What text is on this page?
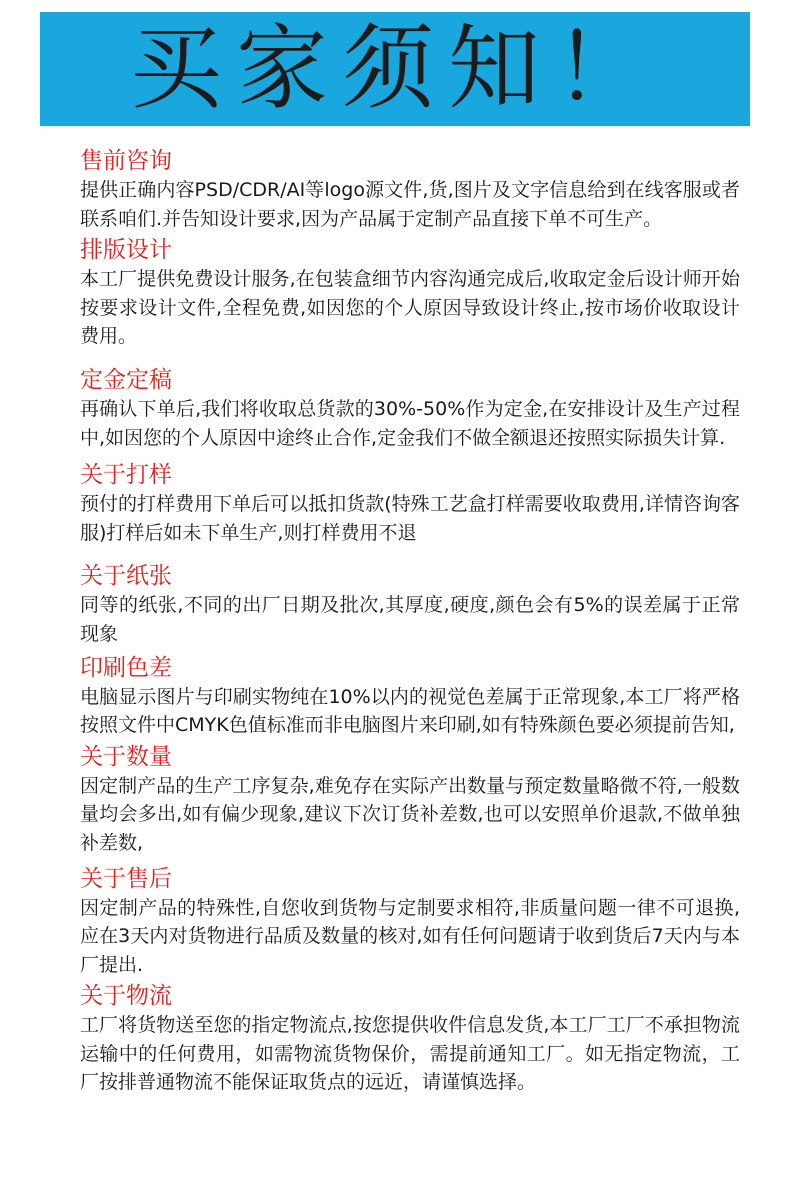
买家须知！
售前咨询
提供正确内容PSD/CDR/AI等logo源文件,货,图片及文字信息给到在线客服或者联系咱们.并告知设计要求,因为产品属于定制产品直接下单不可生产。
排版设计
本工厂提供免费设计服务,在包装盒细节内容沟通完成后,收取定金后设计师开始按要求设计文件,全程免费,如因您的个人原因导致设计终止,按市场价收取设计费用。
定金定稿
再确认下单后,我们将收取总货款的30%-50%作为定金,在安排设计及生产过程中,如因您的个人原因中途终止合作,定金我们不做全额退还按照实际损失计算.
关于打样
预付的打样费用下单后可以抵扣货款(特殊工艺盒打样需要收取费用,详情咨询客服)打样后如未下单生产,则打样费用不退
关于纸张
同等的纸张,不同的出厂日期及批次,其厚度,硬度,颜色会有5%的误差属于正常现象
印刷色差
电脑显示图片与印刷实物纯在10%以内的视觉色差属于正常现象,本工厂将严格按照文件中CMYK色值标准而非电脑图片来印刷,如有特殊颜色要必须提前告知,
关于数量
因定制产品的生产工序复杂,难免存在实际产出数量与预定数量略微不符,一般数量均会多出,如有偏少现象,建议下次订货补差数,也可以安照单价退款,不做单独补差数,
关于售后
因定制产品的特殊性,自您收到货物与定制要求相符,非质量问题一律不可退换,应在3天内对货物进行品质及数量的核对,如有任何问题请于收到货后7天内与本厂提出.
关于物流
工厂将货物送至您的指定物流点,按您提供收件信息发货,本工厂工厂不承担物流运输中的任何费用，如需物流货物保价，需提前通知工厂。如无指定物流，工厂按排普通物流不能保证取货点的远近，请谨慎选择。
